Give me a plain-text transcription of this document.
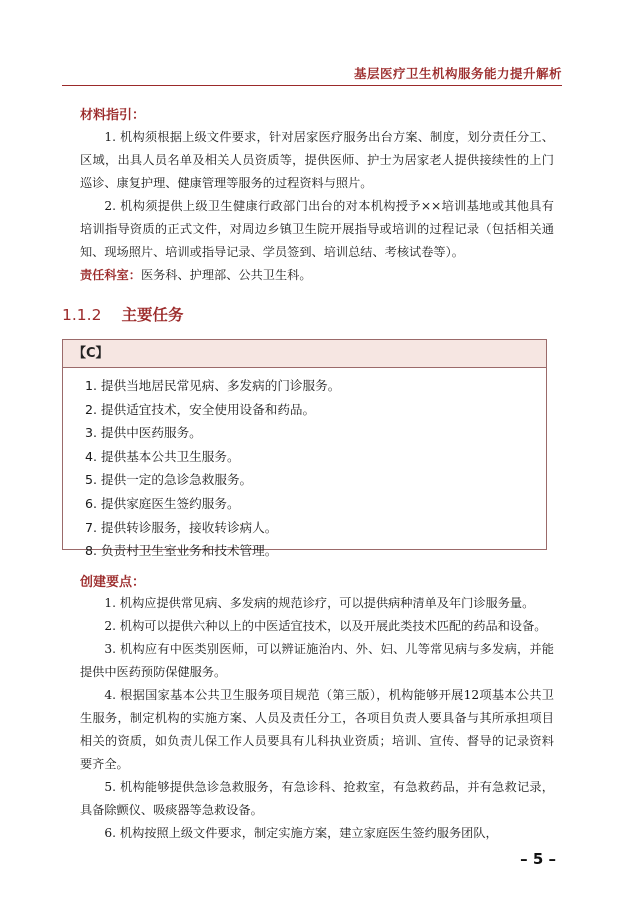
基层医疗卫生机构服务能力提升解析
材料指引：

1. 机构须根据上级文件要求，针对居家医疗服务出台方案、制度，划分责任分工、区域，出具人员名单及相关人员资质等，提供医师、护士为居家老人提供接续性的上门巡诊、康复护理、健康管理等服务的过程资料与照片。

2. 机构须提供上级卫生健康行政部门出台的对本机构授予××培训基地或其他具有培训指导资质的正式文件，对周边乡镇卫生院开展指导或培训的过程记录（包括相关通知、现场照片、培训或指导记录、学员签到、培训总结、考核试卷等）。

责任科室：医务科、护理部、公共卫生科。
1.1.2 主要任务
【C】
1. 提供当地居民常见病、多发病的门诊服务。
2. 提供适宜技术，安全使用设备和药品。
3. 提供中医药服务。
4. 提供基本公共卫生服务。
5. 提供一定的急诊急救服务。
6. 提供家庭医生签约服务。
7. 提供转诊服务，接收转诊病人。
8. 负责村卫生室业务和技术管理。
创建要点：

1. 机构应提供常见病、多发病的规范诊疗，可以提供病种清单及年门诊服务量。

2. 机构可以提供六种以上的中医适宜技术，以及开展此类技术匹配的药品和设备。

3. 机构应有中医类别医师，可以辨证施治内、外、妇、儿等常见病与多发病，并能提供中医药预防保健服务。

4. 根据国家基本公共卫生服务项目规范（第三版），机构能够开展12项基本公共卫生服务，制定机构的实施方案、人员及责任分工，各项目负责人要具备与其所承担项目相关的资质，如负责儿保工作人员要具有儿科执业资质；培训、宣传、督导的记录资料要齐全。

5. 机构能够提供急诊急救服务，有急诊科、抢救室，有急救药品，并有急救记录，具备除颤仪、吸痰器等急救设备。

6. 机构按照上级文件要求，制定实施方案，建立家庭医生签约服务团队，

– 5 –
